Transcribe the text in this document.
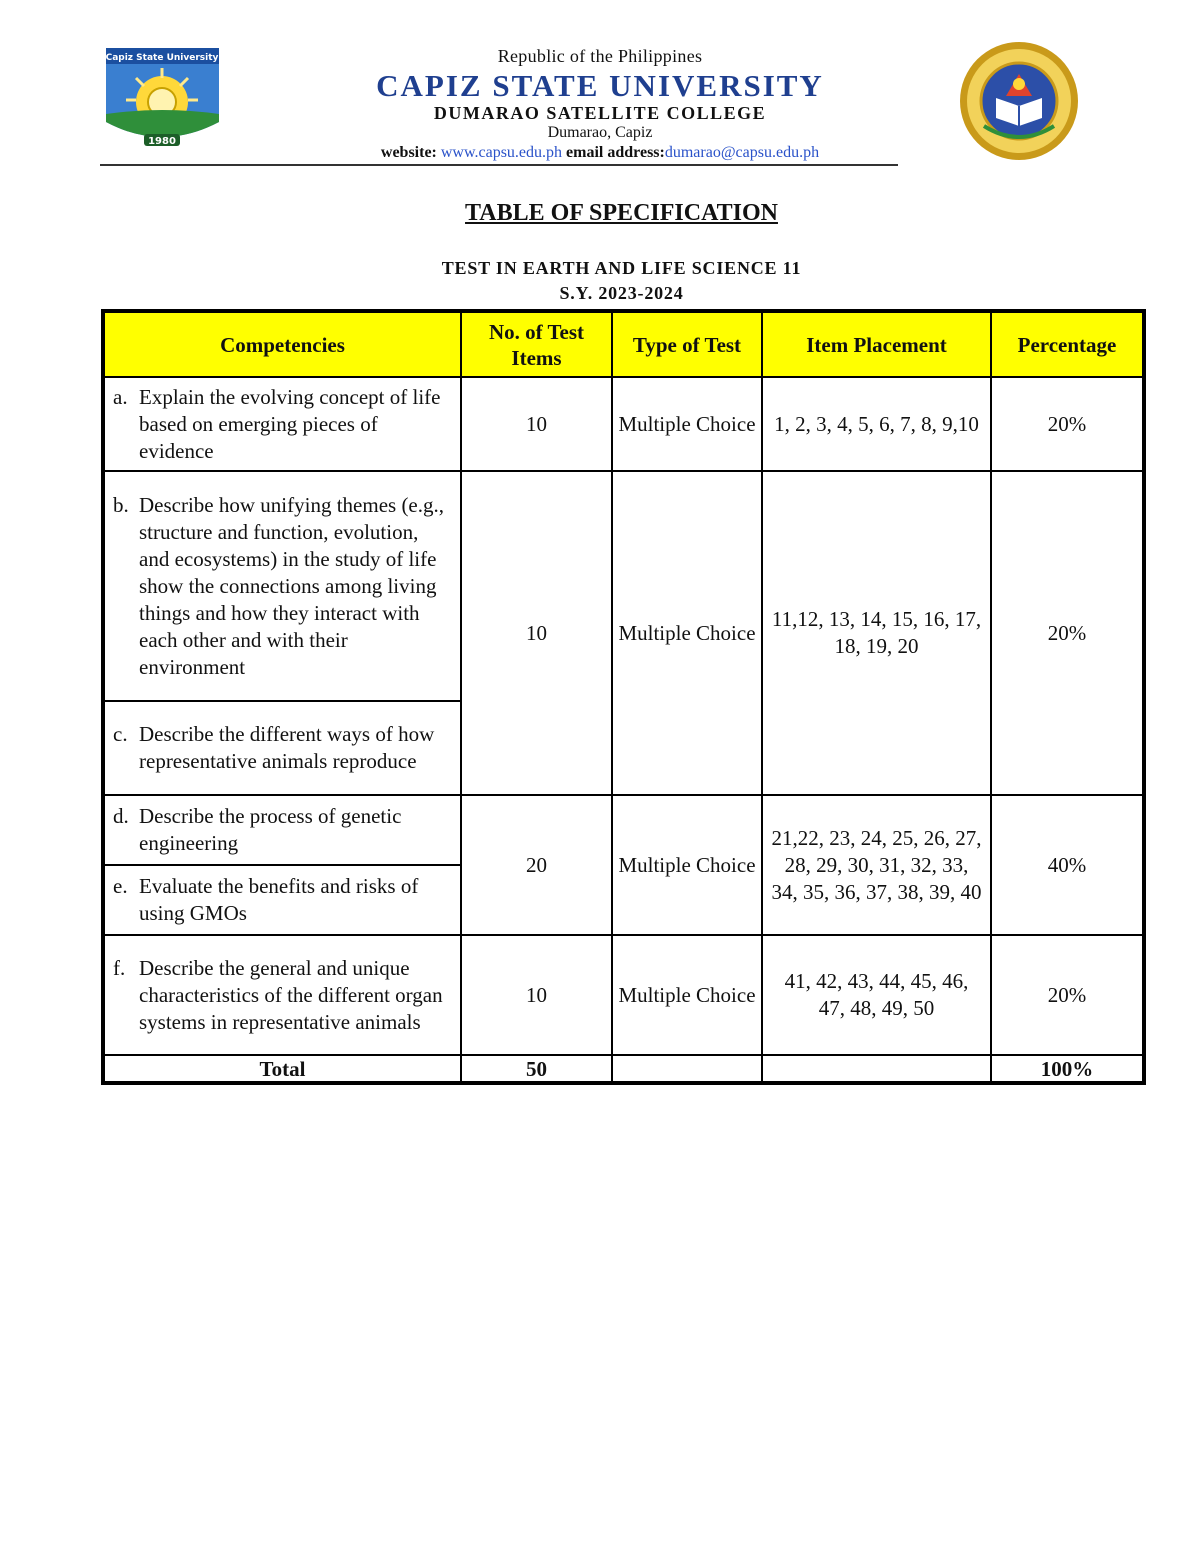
Capiz State University
1980
Republic of the Philippines
CAPIZ STATE UNIVERSITY
DUMARAO SATELLITE COLLEGE
Dumarao, Capiz
website: www.capsu.edu.ph email address:dumarao@capsu.edu.ph
TABLE OF SPECIFICATION
TEST IN EARTH AND LIFE SCIENCE 11
S.Y. 2023-2024
Competencies	No. of Test Items	Type of Test	Item Placement	Percentage

a. Explain the evolving concept of life based on emerging pieces of evidence	10	Multiple Choice	1, 2, 3, 4, 5, 6, 7, 8, 9,10	20%

b. Describe how unifying themes (e.g., structure and function, evolution, and ecosystems) in the study of life show the connections among living things and how they interact with each other and with their environment	10	Multiple Choice	11,12, 13, 14, 15, 16, 17, 18, 19, 20	20%

c. Describe the different ways of how representative animals reproduce				

d. Describe the process of genetic engineering	20	Multiple Choice	21,22, 23, 24, 25, 26, 27, 28, 29, 30, 31, 32, 33, 34, 35, 36, 37, 38, 39, 40	40%

e. Evaluate the benefits and risks of using GMOs				

f. Describe the general and unique characteristics of the different organ systems in representative animals	10	Multiple Choice	41, 42, 43, 44, 45, 46, 47, 48, 49, 50	20%
Total	50			100%
